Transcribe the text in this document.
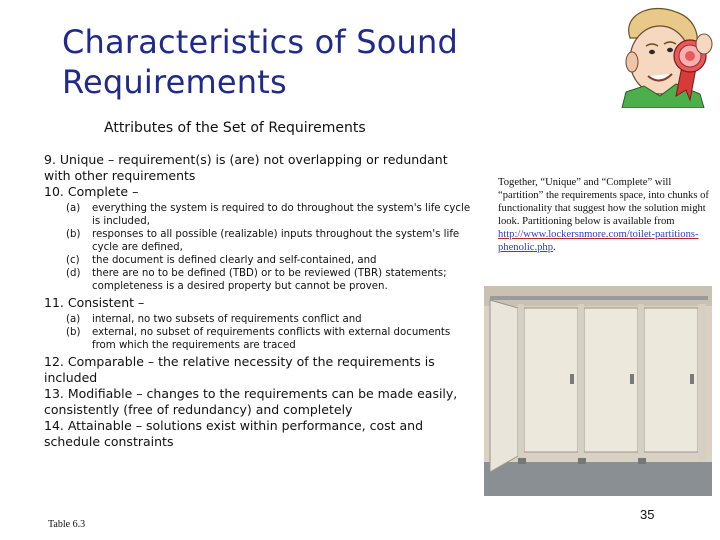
Characteristics of Sound
Requirements
Attributes of the Set of Requirements

9. Unique – requirement(s) is (are) not overlapping or redundant with other requirements

10. Complete –

(a)	everything the system is required to do throughout the system's life cycle is included,
(b)	responses to all possible (realizable) inputs throughout the system's life cycle are defined,
(c)	the document is defined clearly and self-contained, and
(d)	there are no to be defined (TBD) or to be reviewed (TBR) statements; completeness is a desired property but cannot be proven.

11. Consistent –

(a)	internal, no two subsets of requirements conflict and
(b)	external, no subset of requirements conflicts with external documents from which the requirements are traced

12. Comparable – the relative necessity of the requirements is included

13. Modifiable – changes to the requirements can be made easily, consistently (free of redundancy) and completely

14. Attainable – solutions exist within performance, cost and schedule constraints

Together, “Unique” and “Complete” will “partition” the requirements space, into chunks of functionality that suggest how the solution might look. Partitioning below is available from http://www.lockersnmore.com/toilet-partitions-phenolic.php.
Table 6.3
35
